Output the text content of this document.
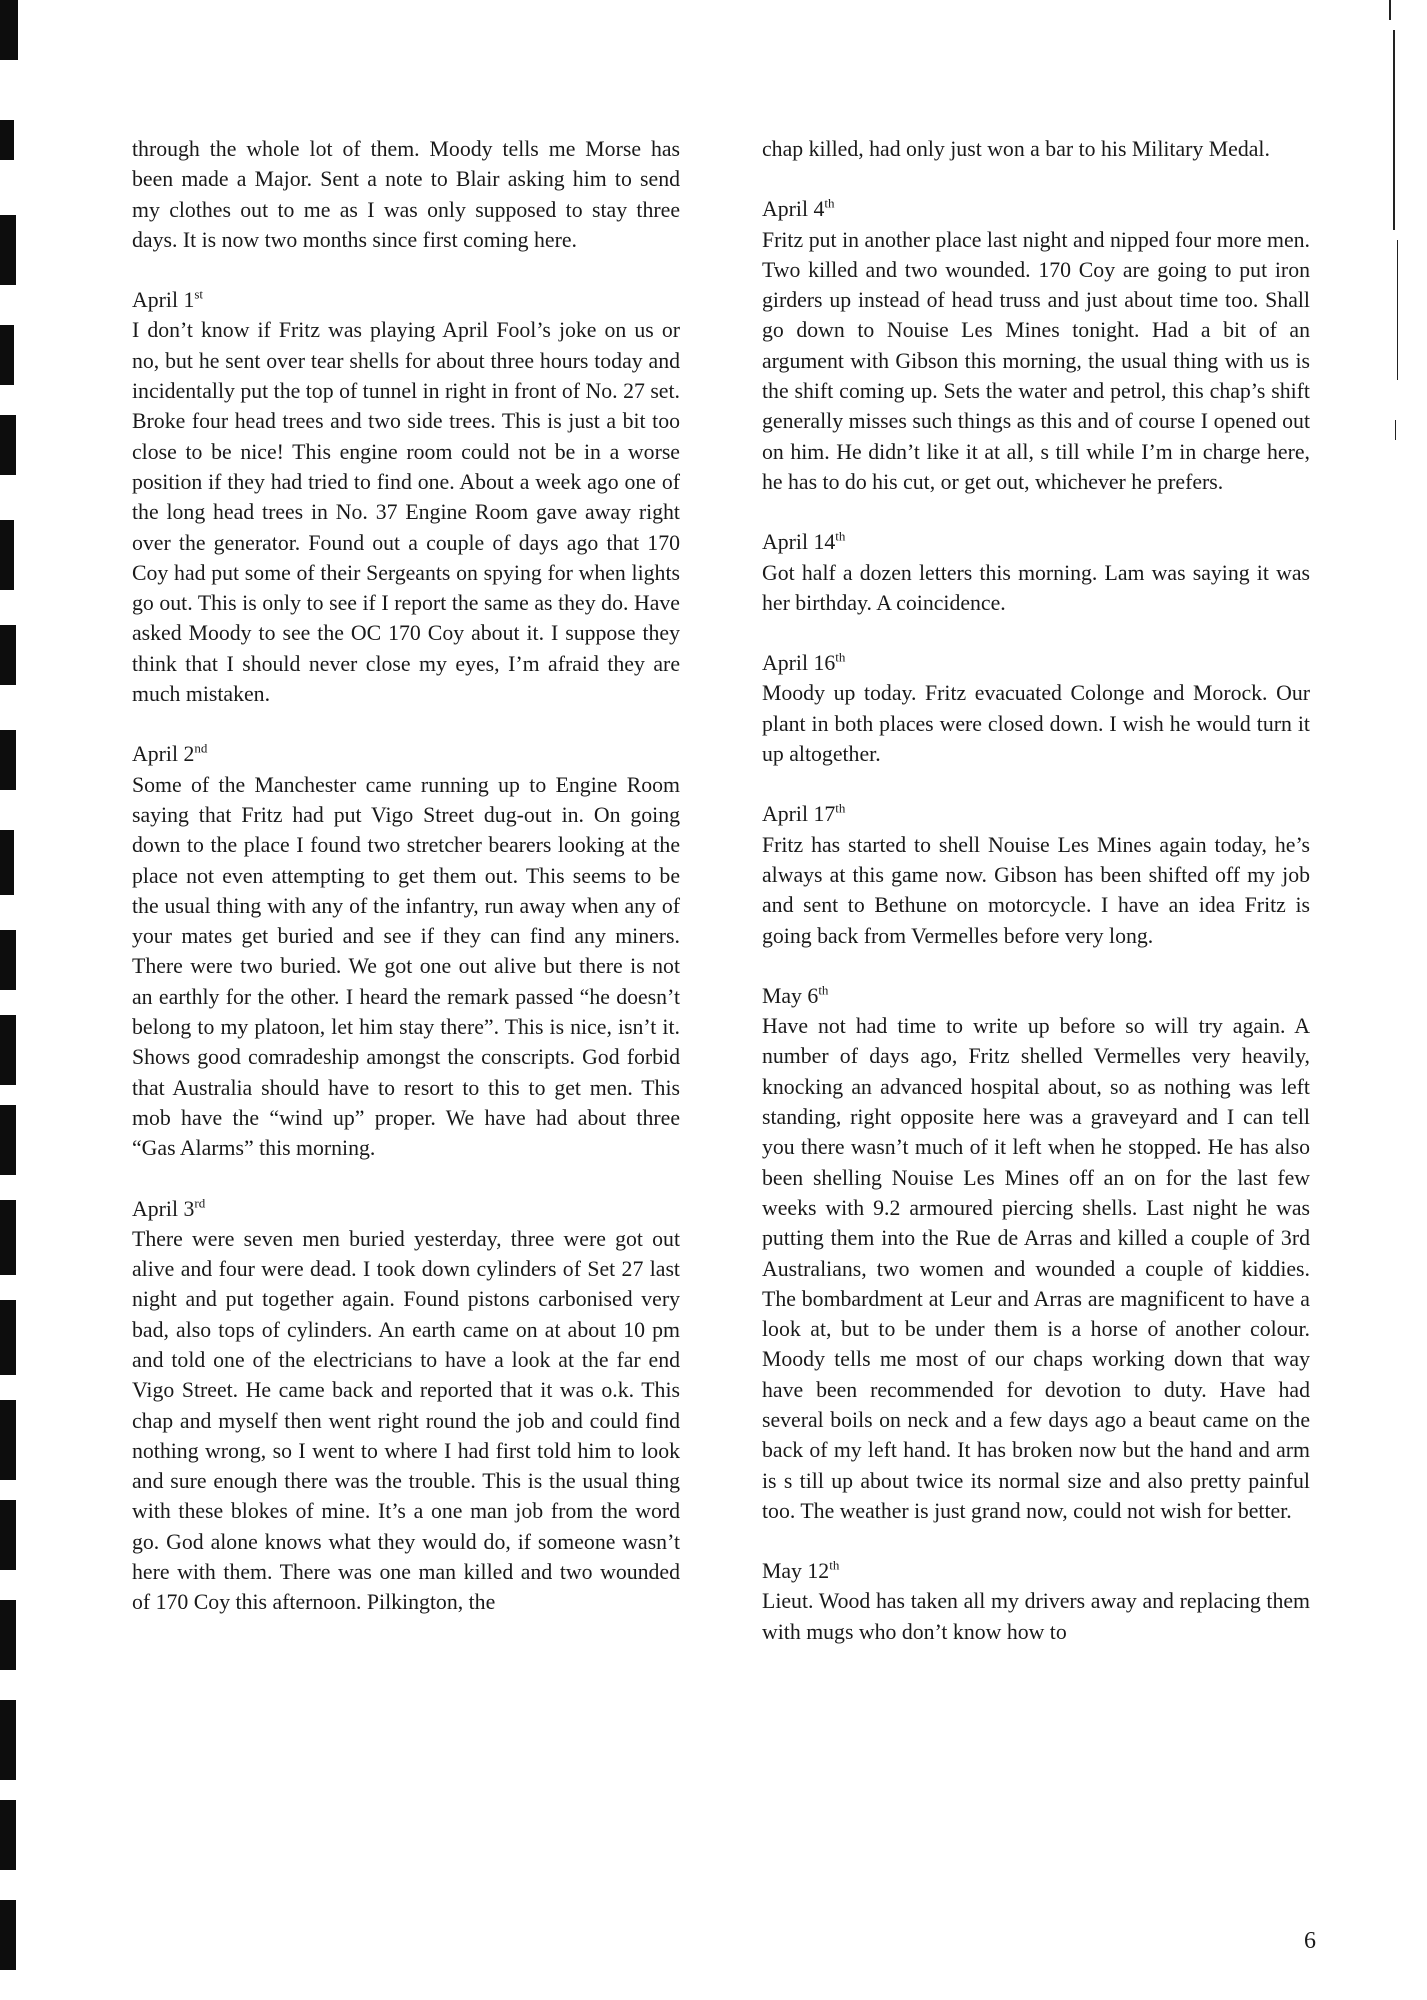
through the whole lot of them. Moody tells me Morse has been made a Major. Sent a note to Blair asking him to send my clothes out to me as I was only supposed to stay three days. It is now two months since first coming here.

April 1st

I don’t know if Fritz was playing April Fool’s joke on us or no, but he sent over tear shells for about three hours today and incidentally put the top of tunnel in right in front of No. 27 set. Broke four head trees and two side trees. This is just a bit too close to be nice! This engine room could not be in a worse position if they had tried to find one. About a week ago one of the long head trees in No. 37 Engine Room gave away right over the generator. Found out a couple of days ago that 170 Coy had put some of their Sergeants on spying for when lights go out. This is only to see if I report the same as they do. Have asked Moody to see the OC 170 Coy about it. I suppose they think that I should never close my eyes, I’m afraid they are much mistaken.

April 2nd

Some of the Manchester came running up to Engine Room saying that Fritz had put Vigo Street dug-out in. On going down to the place I found two stretcher bearers looking at the place not even attempting to get them out. This seems to be the usual thing with any of the infantry, run away when any of your mates get buried and see if they can find any miners. There were two buried. We got one out alive but there is not an earthly for the other. I heard the remark passed “he doesn’t belong to my platoon, let him stay there”. This is nice, isn’t it. Shows good comradeship amongst the conscripts. God forbid that Australia should have to resort to this to get men. This mob have the “wind up” proper. We have had about three “Gas Alarms” this morning.

April 3rd

There were seven men buried yesterday, three were got out alive and four were dead. I took down cylinders of Set 27 last night and put together again. Found pistons carbonised very bad, also tops of cylinders. An earth came on at about 10 pm and told one of the electricians to have a look at the far end Vigo Street. He came back and reported that it was o.k. This chap and myself then went right round the job and could find nothing wrong, so I went to where I had first told him to look and sure enough there was the trouble. This is the usual thing with these blokes of mine. It’s a one man job from the word go. God alone knows what they would do, if someone wasn’t here with them. There was one man killed and two wounded of 170 Coy this afternoon. Pilkington, the

chap killed, had only just won a bar to his Military Medal.

April 4th

Fritz put in another place last night and nipped four more men. Two killed and two wounded. 170 Coy are going to put iron girders up instead of head truss and just about time too. Shall go down to Nouise Les Mines tonight. Had a bit of an argument with Gibson this morning, the usual thing with us is the shift coming up. Sets the water and petrol, this chap’s shift generally misses such things as this and of course I opened out on him. He didn’t like it at all, s till while I’m in charge here, he has to do his cut, or get out, whichever he prefers.

April 14th

Got half a dozen letters this morning. Lam was saying it was her birthday. A coincidence.

April 16th

Moody up today. Fritz evacuated Colonge and Morock. Our plant in both places were closed down. I wish he would turn it up altogether.

April 17th

Fritz has started to shell Nouise Les Mines again today, he’s always at this game now. Gibson has been shifted off my job and sent to Bethune on motorcycle. I have an idea Fritz is going back from Vermelles before very long.

May 6th

Have not had time to write up before so will try again. A number of days ago, Fritz shelled Vermelles very heavily, knocking an advanced hospital about, so as nothing was left standing, right opposite here was a graveyard and I can tell you there wasn’t much of it left when he stopped. He has also been shelling Nouise Les Mines off an on for the last few weeks with 9.2 armoured piercing shells. Last night he was putting them into the Rue de Arras and killed a couple of 3rd Australians, two women and wounded a couple of kiddies. The bombardment at Leur and Arras are magnificent to have a look at, but to be under them is a horse of another colour. Moody tells me most of our chaps working down that way have been recommended for devotion to duty. Have had several boils on neck and a few days ago a beaut came on the back of my left hand. It has broken now but the hand and arm is s till up about twice its normal size and also pretty painful too. The weather is just grand now, could not wish for better.

May 12th

Lieut. Wood has taken all my drivers away and replacing them with mugs who don’t know how to

6
